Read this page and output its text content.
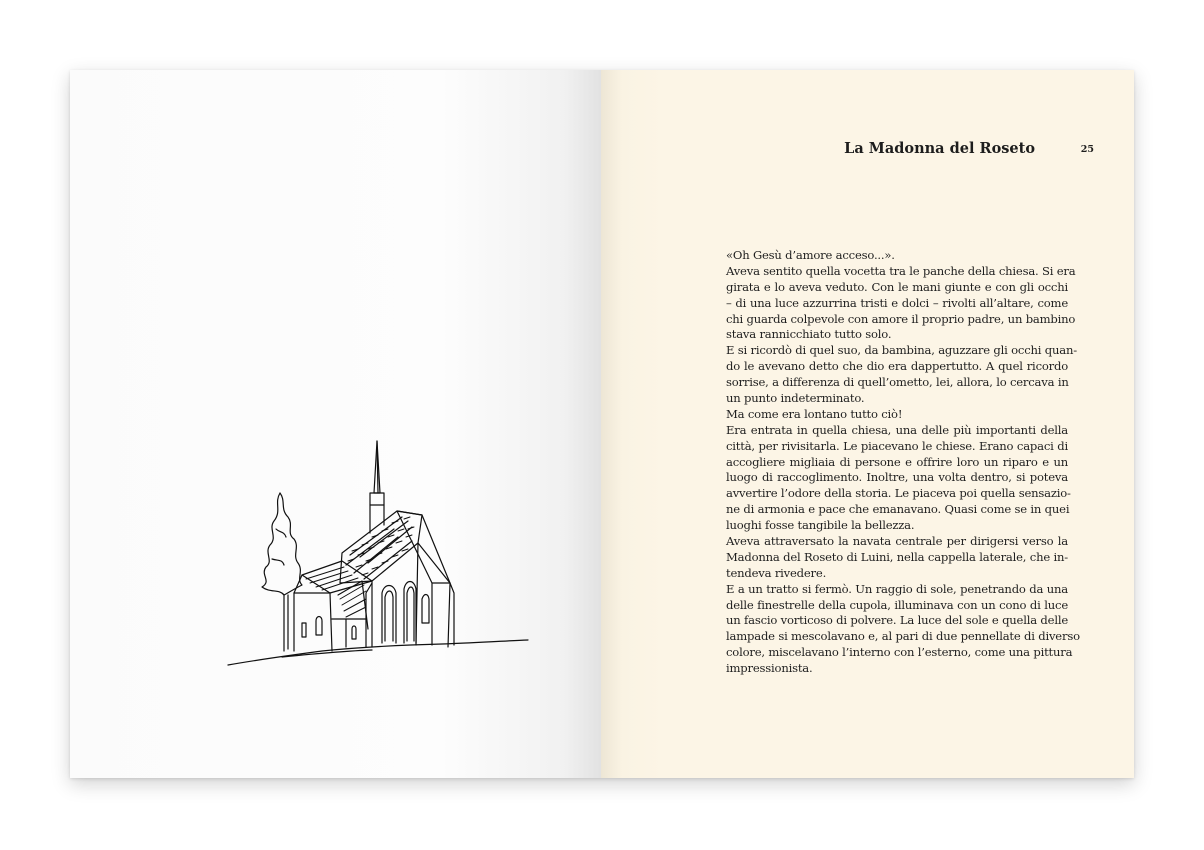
La Madonna del Roseto	25
«Oh Gesù d’amore acceso...».
Aveva sentito quella vocetta tra le panche della chiesa. Si era
girata e lo aveva veduto. Con le mani giunte e con gli occhi
– di una luce azzurrina tristi e dolci – rivolti all’altare, come
chi guarda colpevole con amore il proprio padre, un bambino
stava rannicchiato tutto solo.
E si ricordò di quel suo, da bambina, aguzzare gli occhi quan-
do le avevano detto che dio era dappertutto. A quel ricordo
sorrise, a differenza di quell’ometto, lei, allora, lo cercava in
un punto indeterminato.
Ma come era lontano tutto ciò!
Era entrata in quella chiesa, una delle più importanti della
città, per rivisitarla. Le piacevano le chiese. Erano capaci di
accogliere migliaia di persone e offrire loro un riparo e un
luogo di raccoglimento. Inoltre, una volta dentro, si poteva
avvertire l’odore della storia. Le piaceva poi quella sensazio-
ne di armonia e pace che emanavano. Quasi come se in quei
luoghi fosse tangibile la bellezza.
Aveva attraversato la navata centrale per dirigersi verso la
Madonna del Roseto di Luini, nella cappella laterale, che in-
tendeva rivedere.
E a un tratto si fermò. Un raggio di sole, penetrando da una
delle finestrelle della cupola, illuminava con un cono di luce
un fascio vorticoso di polvere. La luce del sole e quella delle
lampade si mescolavano e, al pari di due pennellate di diverso
colore, miscelavano l’interno con l’esterno, come una pittura
impressionista.
